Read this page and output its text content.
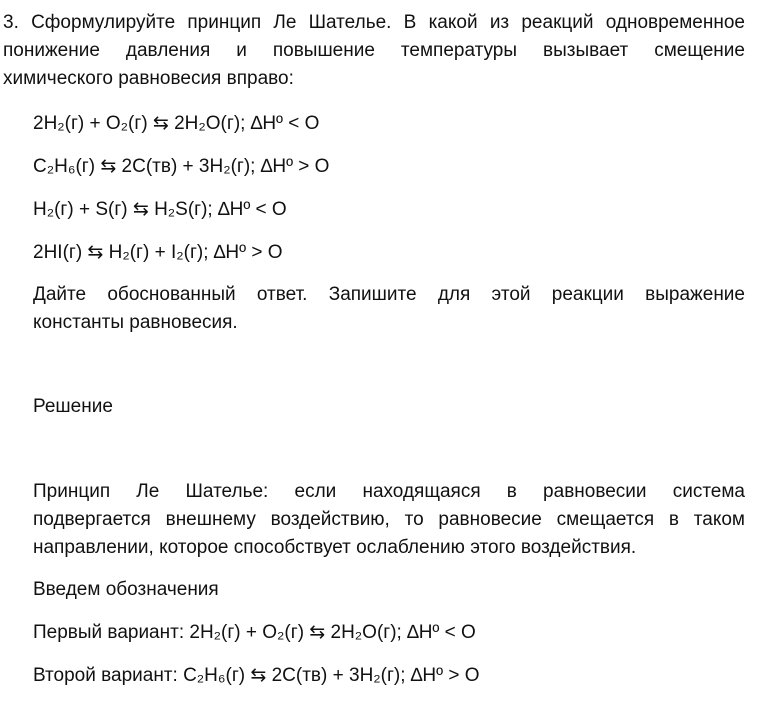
3. Сформулируйте принцип Ле Шателье. В какой из реакций одновременное
понижение давления и повышение температуры вызывает смещение
химического равновесия вправо:
2H₂(г) + O₂(г) ⇆ 2H₂O(г); ∆Hº < O
C₂H₆(г) ⇆ 2C(тв) + 3H₂(г); ∆Hº > O
H₂(г) + S(г) ⇆ H₂S(г); ∆Hº < O
2HI(г) ⇆ H₂(г) + I₂(г); ∆Hº > O
Дайте обоснованный ответ. Запишите для этой реакции выражение
константы равновесия.
Решение
Принцип Ле Шателье: если находящаяся в равновесии система
подвергается внешнему воздействию, то равновесие смещается в таком
направлении, которое способствует ослаблению этого воздействия.
Введем обозначения
Первый вариант: 2H₂(г) + O₂(г) ⇆ 2H₂O(г); ∆Hº < O
Второй вариант: C₂H₆(г) ⇆ 2C(тв) + 3H₂(г); ∆Hº > O
